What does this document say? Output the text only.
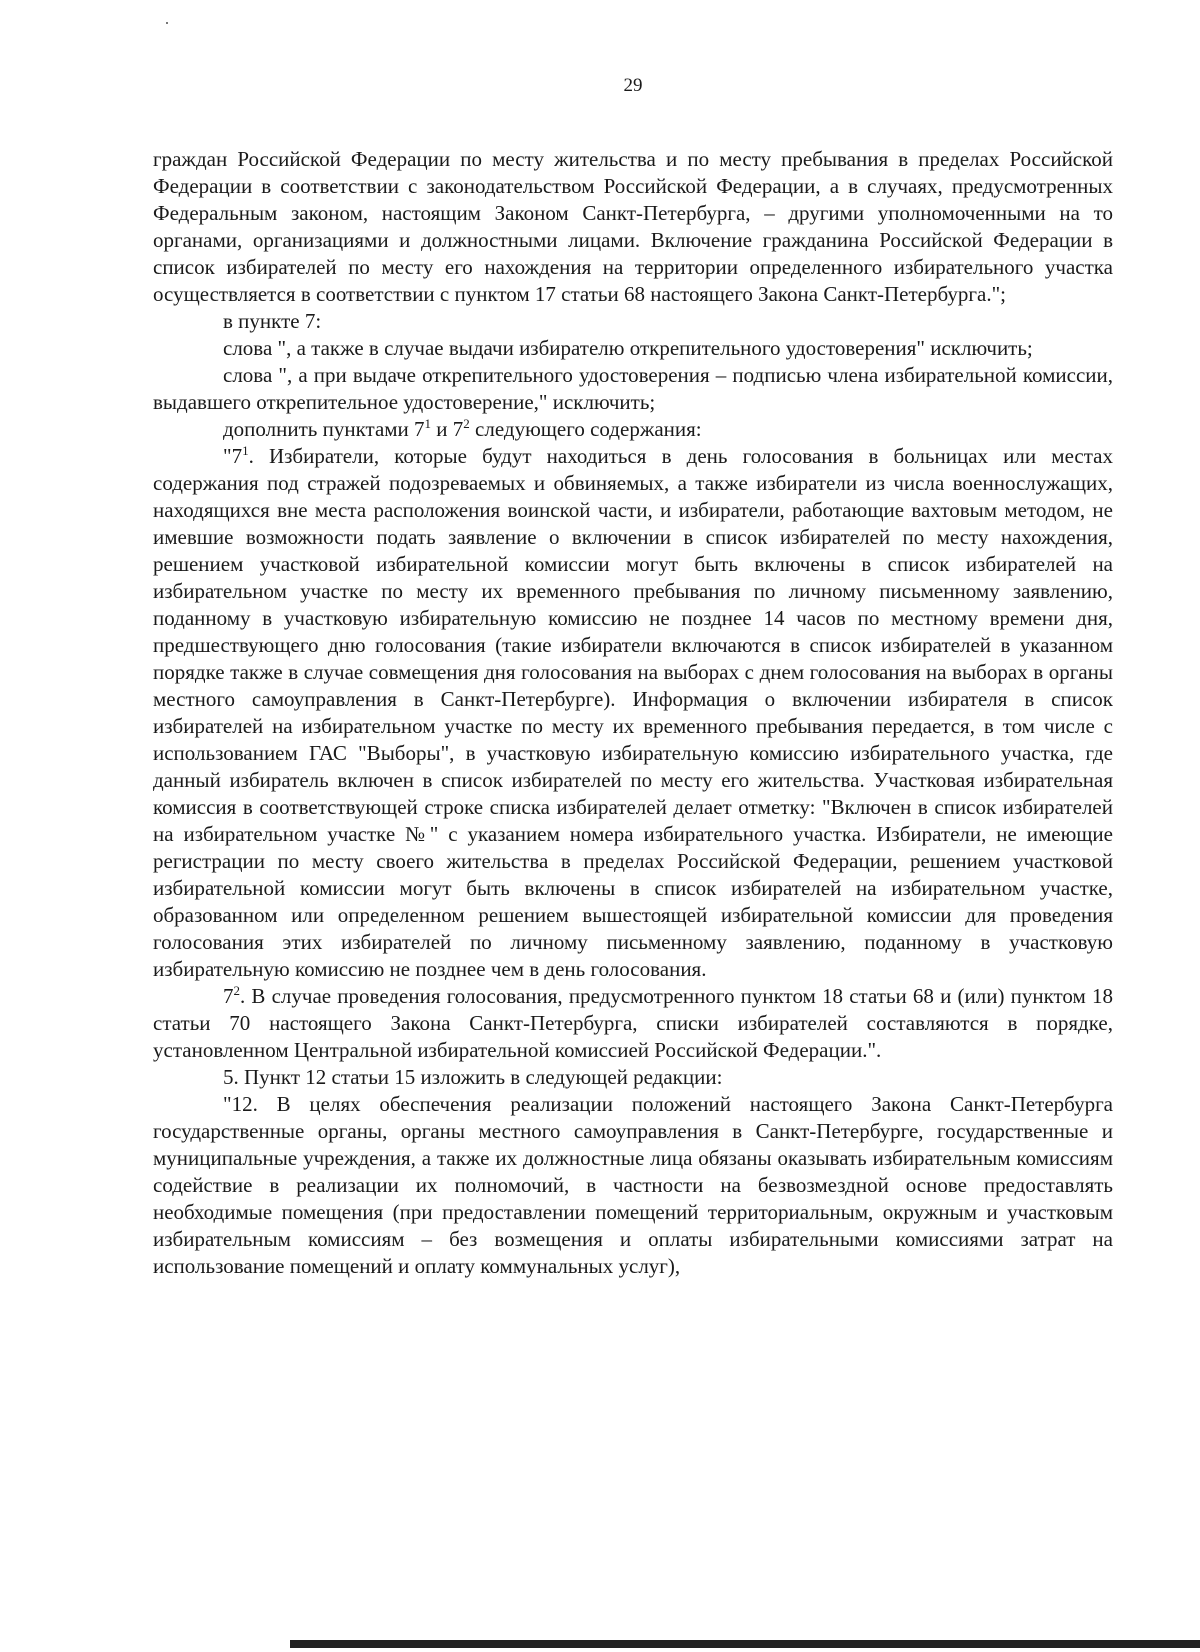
29

граждан Российской Федерации по месту жительства и по месту пребывания в пределах Российской Федерации в соответствии с законодательством Российской Федерации, а в случаях, предусмотренных Федеральным законом, настоящим Законом Санкт-Петербурга, – другими уполномоченными на то органами, организациями и должностными лицами. Включение гражданина Российской Федерации в список избирателей по месту его нахождения на территории определенного избирательного участка осуществляется в соответствии с пунктом 17 статьи 68 настоящего Закона Санкт-Петербурга.";

в пункте 7:

слова ", а также в случае выдачи избирателю открепительного удостоверения" исключить;

слова ", а при выдаче открепительного удостоверения – подписью члена избирательной комиссии, выдавшего открепительное удостоверение," исключить;

дополнить пунктами $7^1$ и $7^2$ следующего содержания:

"$7^1$. Избиратели, которые будут находиться в день голосования в больницах или местах содержания под стражей подозреваемых и обвиняемых, а также избиратели из числа военнослужащих, находящихся вне места расположения воинской части, и избиратели, работающие вахтовым методом, не имевшие возможности подать заявление о включении в список избирателей по месту нахождения, решением участковой избирательной комиссии могут быть включены в список избирателей на избирательном участке по месту их временного пребывания по личному письменному заявлению, поданному в участковую избирательную комиссию не позднее 14 часов по местному времени дня, предшествующего дню голосования (такие избиратели включаются в список избирателей в указанном порядке также в случае совмещения дня голосования на выборах с днем голосования на выборах в органы местного самоуправления в Санкт-Петербурге). Информация о включении избирателя в список избирателей на избирательном участке по месту их временного пребывания передается, в том числе с использованием ГАС "Выборы", в участковую избирательную комиссию избирательного участка, где данный избиратель включен в список избирателей по месту его жительства. Участковая избирательная комиссия в соответствующей строке списка избирателей делает отметку: "Включен в список избирателей на избирательном участке №" с указанием номера избирательного участка. Избиратели, не имеющие регистрации по месту своего жительства в пределах Российской Федерации, решением участковой избирательной комиссии могут быть включены в список избирателей на избирательном участке, образованном или определенном решением вышестоящей избирательной комиссии для проведения голосования этих избирателей по личному письменному заявлению, поданному в участковую избирательную комиссию не позднее чем в день голосования.

$7^2$. В случае проведения голосования, предусмотренного пунктом 18 статьи 68 и (или) пунктом 18 статьи 70 настоящего Закона Санкт-Петербурга, списки избирателей составляются в порядке, установленном Центральной избирательной комиссией Российской Федерации.".

5. Пункт 12 статьи 15 изложить в следующей редакции:

"12. В целях обеспечения реализации положений настоящего Закона Санкт-Петербурга государственные органы, органы местного самоуправления в Санкт-Петербурге, государственные и муниципальные учреждения, а также их должностные лица обязаны оказывать избирательным комиссиям содействие в реализации их полномочий, в частности на безвозмездной основе предоставлять необходимые помещения (при предоставлении помещений территориальным, окружным и участковым избирательным комиссиям – без возмещения и оплаты избирательными комиссиями затрат на использование помещений и оплату коммунальных услуг),
